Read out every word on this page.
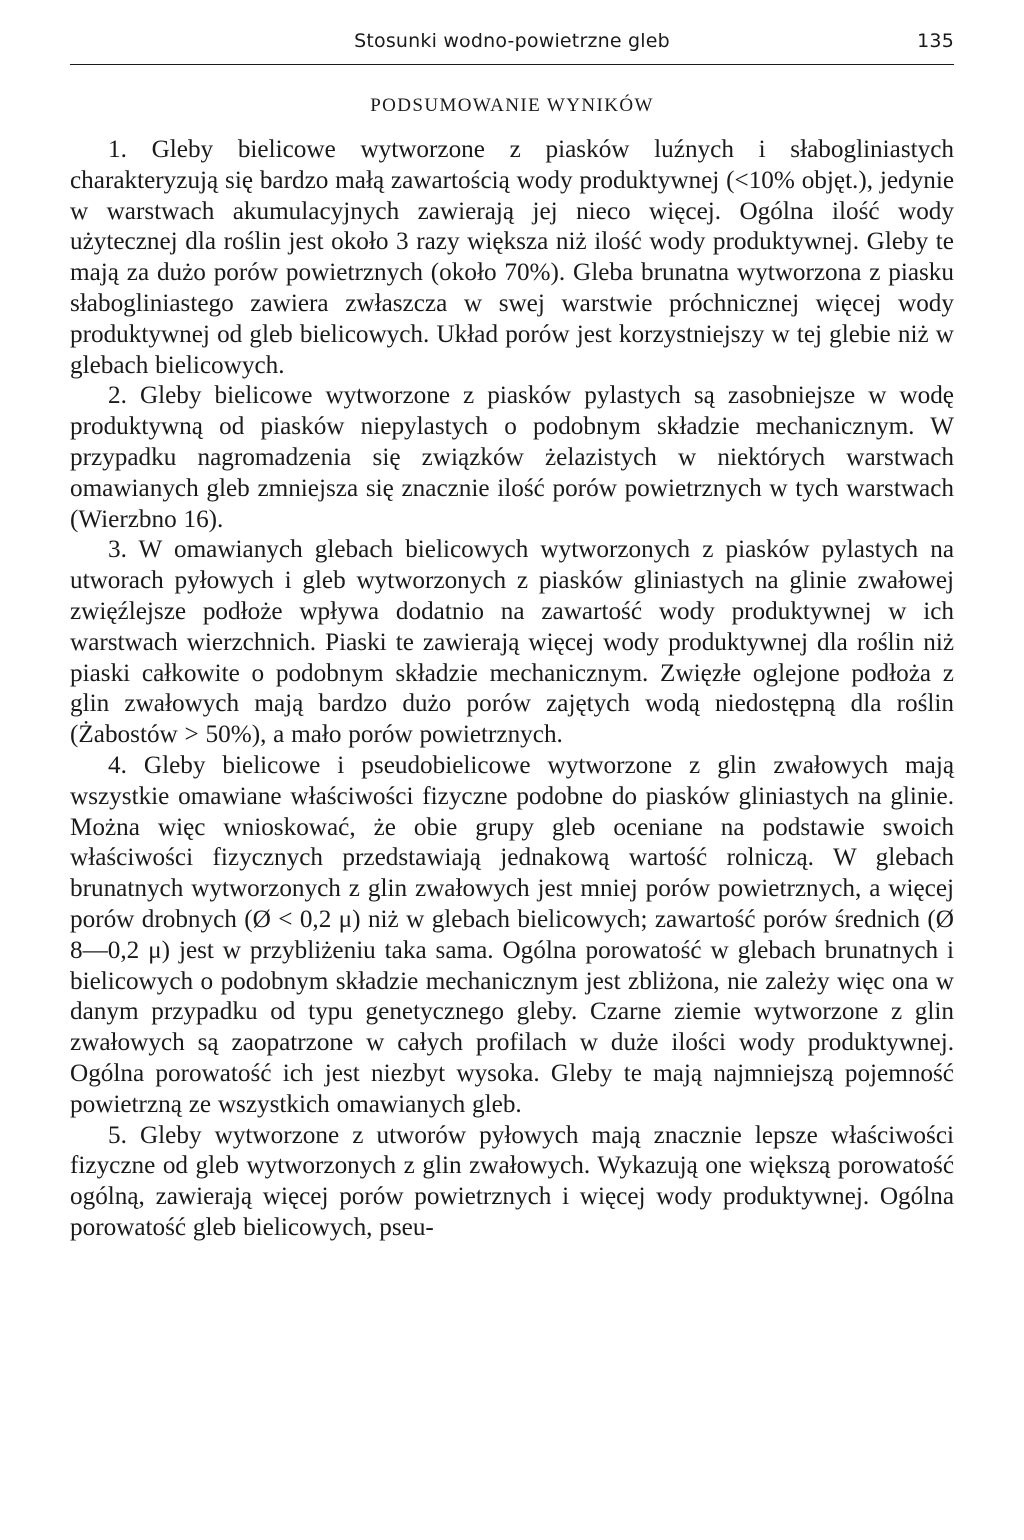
Stosunki wodno-powietrzne gleb	135
PODSUMOWANIE WYNIKÓW

1. Gleby bielicowe wytworzone z piasków luźnych i słabogliniastych charakteryzują się bardzo małą zawartością wody produktywnej (<10% objęt.), jedynie w warstwach akumulacyjnych zawierają jej nieco więcej. Ogólna ilość wody użytecznej dla roślin jest około 3 razy większa niż ilość wody produktywnej. Gleby te mają za dużo porów powietrznych (około 70%). Gleba brunatna wytworzona z piasku słabogliniastego zawiera zwłaszcza w swej warstwie próchnicznej więcej wody produktywnej od gleb bielicowych. Układ porów jest korzystniejszy w tej glebie niż w glebach bielicowych.

2. Gleby bielicowe wytworzone z piasków pylastych są zasobniejsze w wodę produktywną od piasków niepylastych o podobnym składzie mechanicznym. W przypadku nagromadzenia się związków żelazistych w niektórych warstwach omawianych gleb zmniejsza się znacznie ilość porów powietrznych w tych warstwach (Wierzbno 16).

3. W omawianych glebach bielicowych wytworzonych z piasków pylastych na utworach pyłowych i gleb wytworzonych z piasków gliniastych na glinie zwałowej zwięźlejsze podłoże wpływa dodatnio na zawartość wody produktywnej w ich warstwach wierzchnich. Piaski te zawierają więcej wody produktywnej dla roślin niż piaski całkowite o podobnym składzie mechanicznym. Zwięzłe oglejone podłoża z glin zwałowych mają bardzo dużo porów zajętych wodą niedostępną dla roślin (Żabostów > 50%), a mało porów powietrznych.

4. Gleby bielicowe i pseudobielicowe wytworzone z glin zwałowych mają wszystkie omawiane właściwości fizyczne podobne do piasków gliniastych na glinie. Można więc wnioskować, że obie grupy gleb oceniane na podstawie swoich właściwości fizycznych przedstawiają jednakową wartość rolniczą. W glebach brunatnych wytworzonych z glin zwałowych jest mniej porów powietrznych, a więcej porów drobnych (Ø < 0,2 μ) niż w glebach bielicowych; zawartość porów średnich (Ø 8—0,2 μ) jest w przybliżeniu taka sama. Ogólna porowatość w glebach brunatnych i bielicowych o podobnym składzie mechanicznym jest zbliżona, nie zależy więc ona w danym przypadku od typu genetycznego gleby. Czarne ziemie wytworzone z glin zwałowych są zaopatrzone w całych profilach w duże ilości wody produktywnej. Ogólna porowatość ich jest niezbyt wysoka. Gleby te mają najmniejszą pojemność powietrzną ze wszystkich omawianych gleb.

5. Gleby wytworzone z utworów pyłowych mają znacznie lepsze właściwości fizyczne od gleb wytworzonych z glin zwałowych. Wykazują one większą porowatość ogólną, zawierają więcej porów powietrznych i więcej wody produktywnej. Ogólna porowatość gleb bielicowych, pseu-
